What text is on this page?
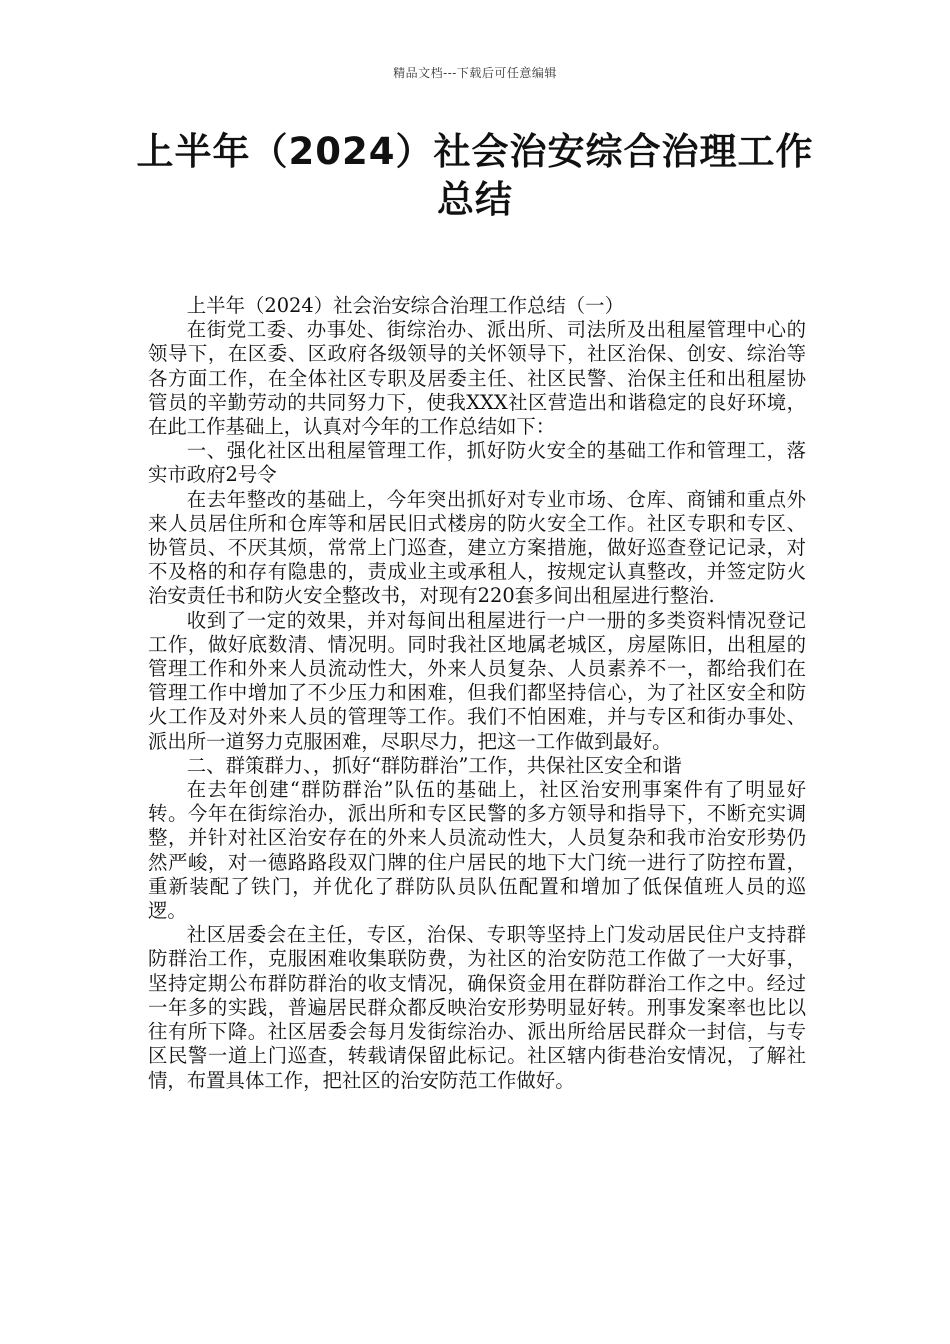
精品文档---下载后可任意编辑
上半年（2024）社会治安综合治理工作
总结

上半年（2024）社会治安综合治理工作总结（一）

在街党工委、办事处、街综治办、派出所、司法所及出租屋管理中心的领导下，在区委、区政府各级领导的关怀领导下，社区治保、创安、综治等各方面工作，在全体社区专职及居委主任、社区民警、治保主任和出租屋协管员的辛勤劳动的共同努力下，使我XXX社区营造出和谐稳定的良好环境，在此工作基础上，认真对今年的工作总结如下：

一、强化社区出租屋管理工作，抓好防火安全的基础工作和管理工，落实市政府2号令

在去年整改的基础上，今年突出抓好对专业市场、仓库、商铺和重点外来人员居住所和仓库等和居民旧式楼房的防火安全工作。社区专职和专区、协管员、不厌其烦，常常上门巡查，建立方案措施，做好巡查登记记录，对不及格的和存有隐患的，责成业主或承租人，按规定认真整改，并签定防火治安责任书和防火安全整改书，对现有220套多间出租屋进行整治.

收到了一定的效果，并对每间出租屋进行一户一册的多类资料情况登记工作，做好底数清、情况明。同时我社区地属老城区，房屋陈旧，出租屋的管理工作和外来人员流动性大，外来人员复杂、人员素养不一，都给我们在管理工作中增加了不少压力和困难，但我们都坚持信心，为了社区安全和防火工作及对外来人员的管理等工作。我们不怕困难，并与专区和街办事处、派出所一道努力克服困难，尽职尽力，把这一工作做到最好。

二、群策群力、，抓好“群防群治”工作，共保社区安全和谐

在去年创建“群防群治”队伍的基础上，社区治安刑事案件有了明显好转。今年在街综治办，派出所和专区民警的多方领导和指导下，不断充实调整，并针对社区治安存在的外来人员流动性大，人员复杂和我市治安形势仍然严峻，对一德路路段双门牌的住户居民的地下大门统一进行了防控布置，重新装配了铁门，并优化了群防队员队伍配置和增加了低保值班人员的巡逻。

社区居委会在主任，专区，治保、专职等坚持上门发动居民住户支持群防群治工作，克服困难收集联防费，为社区的治安防范工作做了一大好事，坚持定期公布群防群治的收支情况，确保资金用在群防群治工作之中。经过一年多的实践，普遍居民群众都反映治安形势明显好转。刑事发案率也比以往有所下降。社区居委会每月发街综治办、派出所给居民群众一封信，与专区民警一道上门巡查，转载请保留此标记。社区辖内街巷治安情况，了解社情，布置具体工作，把社区的治安防范工作做好。
